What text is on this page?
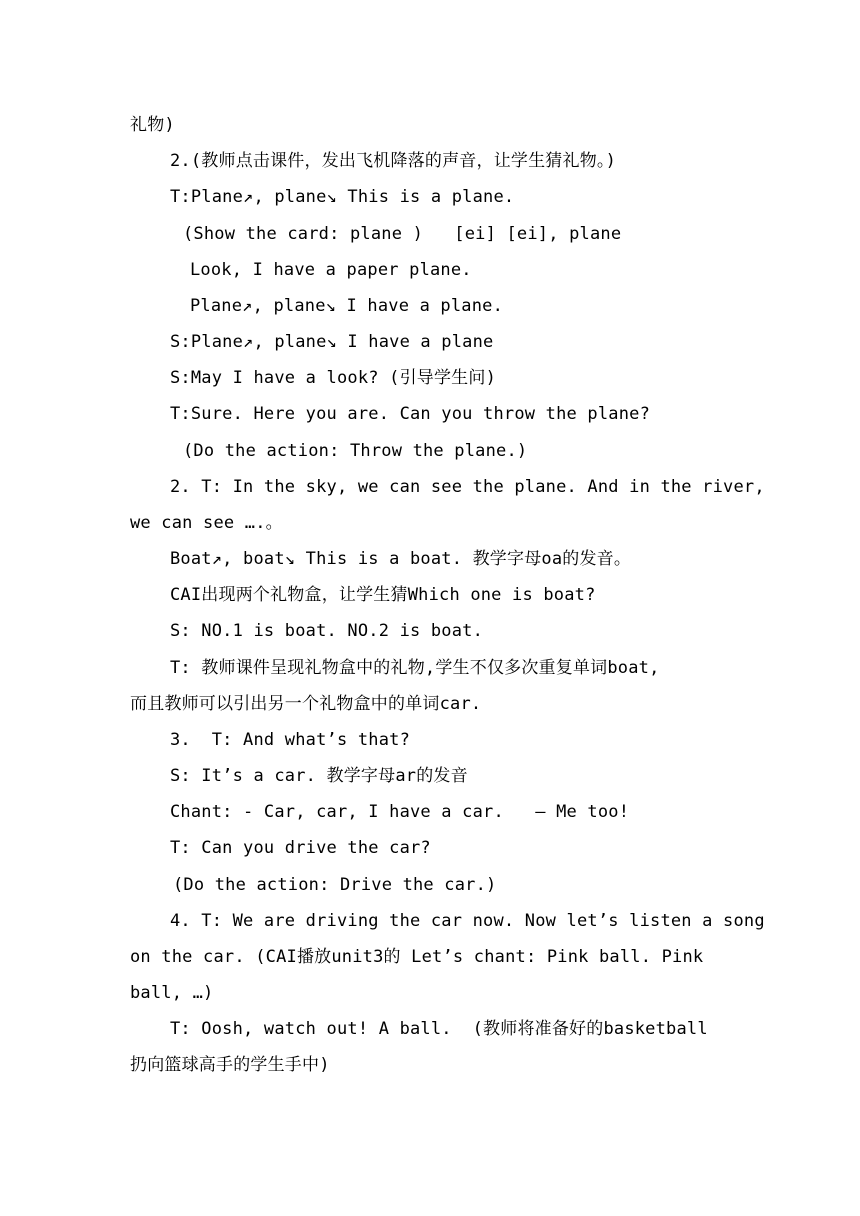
礼物)
2.(教师点击课件，发出飞机降落的声音，让学生猜礼物。)
T:Plane↗, plane↘ This is a plane.
(Show the card: plane )   [ei] [ei], plane
Look, I have a paper plane.
Plane↗, plane↘ I have a plane.
S:Plane↗, plane↘ I have a plane
S:May I have a look? (引导学生问)
T:Sure. Here you are. Can you throw the plane?
(Do the action: Throw the plane.)
2. T: In the sky, we can see the plane. And in the river,
we can see ….。
Boat↗, boat↘ This is a boat. 教学字母oa的发音。
CAI出现两个礼物盒，让学生猜Which one is boat?
S: NO.1 is boat. NO.2 is boat.
T: 教师课件呈现礼物盒中的礼物,学生不仅多次重复单词boat,
而且教师可以引出另一个礼物盒中的单词car.
3.  T: And what’s that?
S: It’s a car. 教学字母ar的发音
Chant: - Car, car, I have a car.   – Me too!
T: Can you drive the car?
(Do the action: Drive the car.)
4. T: We are driving the car now. Now let’s listen a song
on the car. (CAI播放unit3的 Let’s chant: Pink ball. Pink
ball, …)
T: Oosh, watch out! A ball.  (教师将准备好的basketball
扔向篮球高手的学生手中)
